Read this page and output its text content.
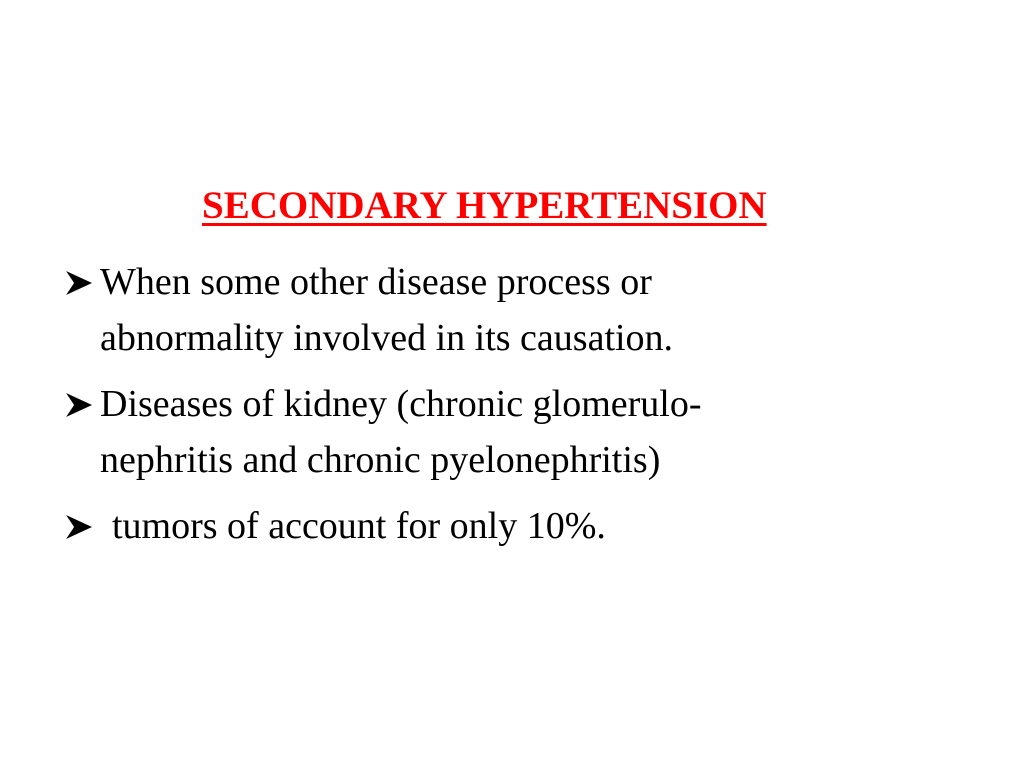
SECONDARY HYPERTENSION
When some other disease process or
abnormality involved in its causation.
Diseases of kidney (chronic glomerulo-
nephritis and chronic pyelonephritis)
tumors of account for only 10%.
